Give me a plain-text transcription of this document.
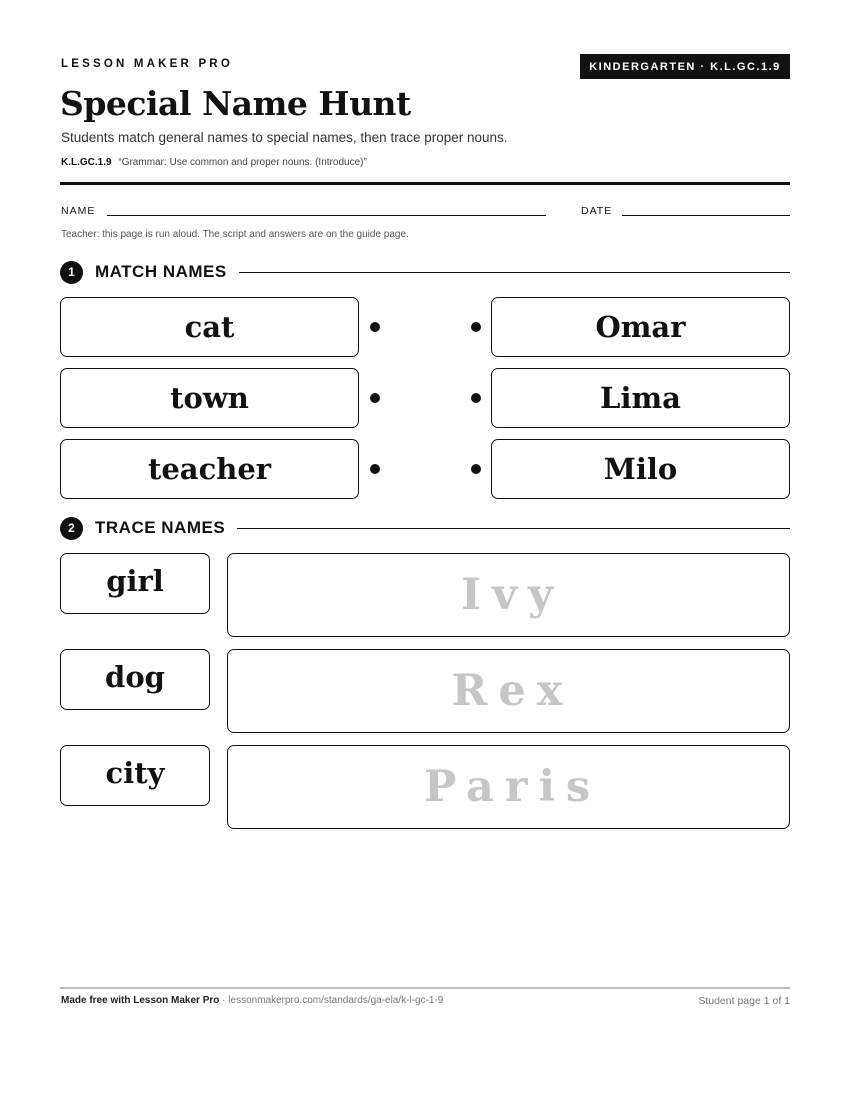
LESSON MAKER PRO	KINDERGARTEN · K.L.GC.1.9
Special Name Hunt
Students match general names to special names, then trace proper nouns.
K.L.GC.1.9 “Grammar: Use common and proper nouns. (Introduce)”
NAME	DATE
Teacher: this page is run aloud. The script and answers are on the guide page.
1	MATCH NAMES
cat	Omar
town	Lima
teacher	Milo
2	TRACE NAMES
girl	Ivy
dog	Rex
city	Paris
Made free with Lesson Maker Pro · lessonmakerpro.com/standards/ga-ela/k-l-gc-1-9	Student page 1 of 1
